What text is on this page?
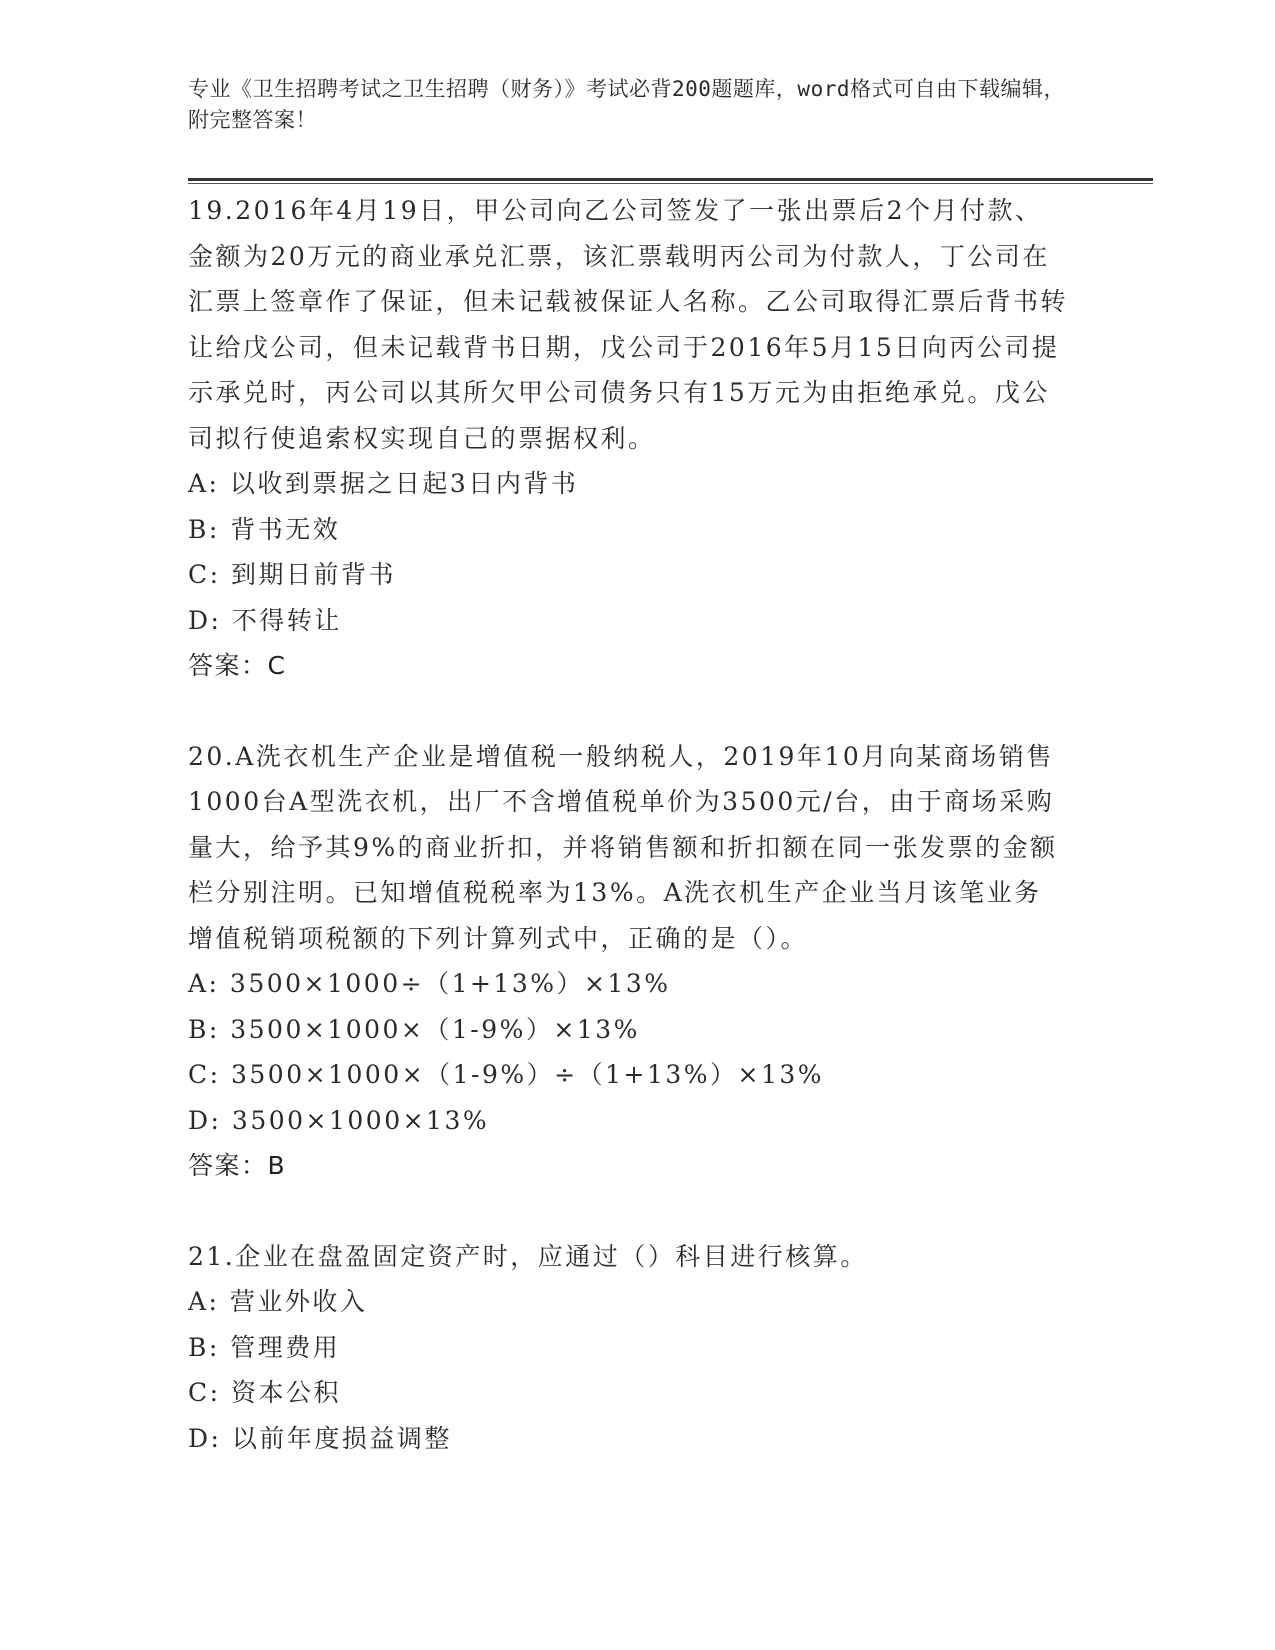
专业《卫生招聘考试之卫生招聘（财务）》考试必背200题题库，word格式可自由下载编辑，附完整答案！
19.2016年4月19日，甲公司向乙公司签发了一张出票后2个月付款、金额为20万元的商业承兑汇票，该汇票载明丙公司为付款人，丁公司在汇票上签章作了保证，但未记载被保证人名称。乙公司取得汇票后背书转让给戊公司，但未记载背书日期，戊公司于2016年5月15日向丙公司提示承兑时，丙公司以其所欠甲公司债务只有15万元为由拒绝承兑。戊公司拟行使追索权实现自己的票据权利。
A: 以收到票据之日起3日内背书
B: 背书无效
C: 到期日前背书
D: 不得转让
答案：C
20.A洗衣机生产企业是增值税一般纳税人，2019年10月向某商场销售1000台A型洗衣机，出厂不含增值税单价为3500元/台，由于商场采购量大，给予其9%的商业折扣，并将销售额和折扣额在同一张发票的金额栏分别注明。已知增值税税率为13%。A洗衣机生产企业当月该笔业务增值税销项税额的下列计算列式中，正确的是（）。
A: 3500×1000÷（1+13%）×13%
B: 3500×1000×（1-9%）×13%
C: 3500×1000×（1-9%）÷（1+13%）×13%
D: 3500×1000×13%
答案：B
21.企业在盘盈固定资产时，应通过（）科目进行核算。
A: 营业外收入
B: 管理费用
C: 资本公积
D: 以前年度损益调整
